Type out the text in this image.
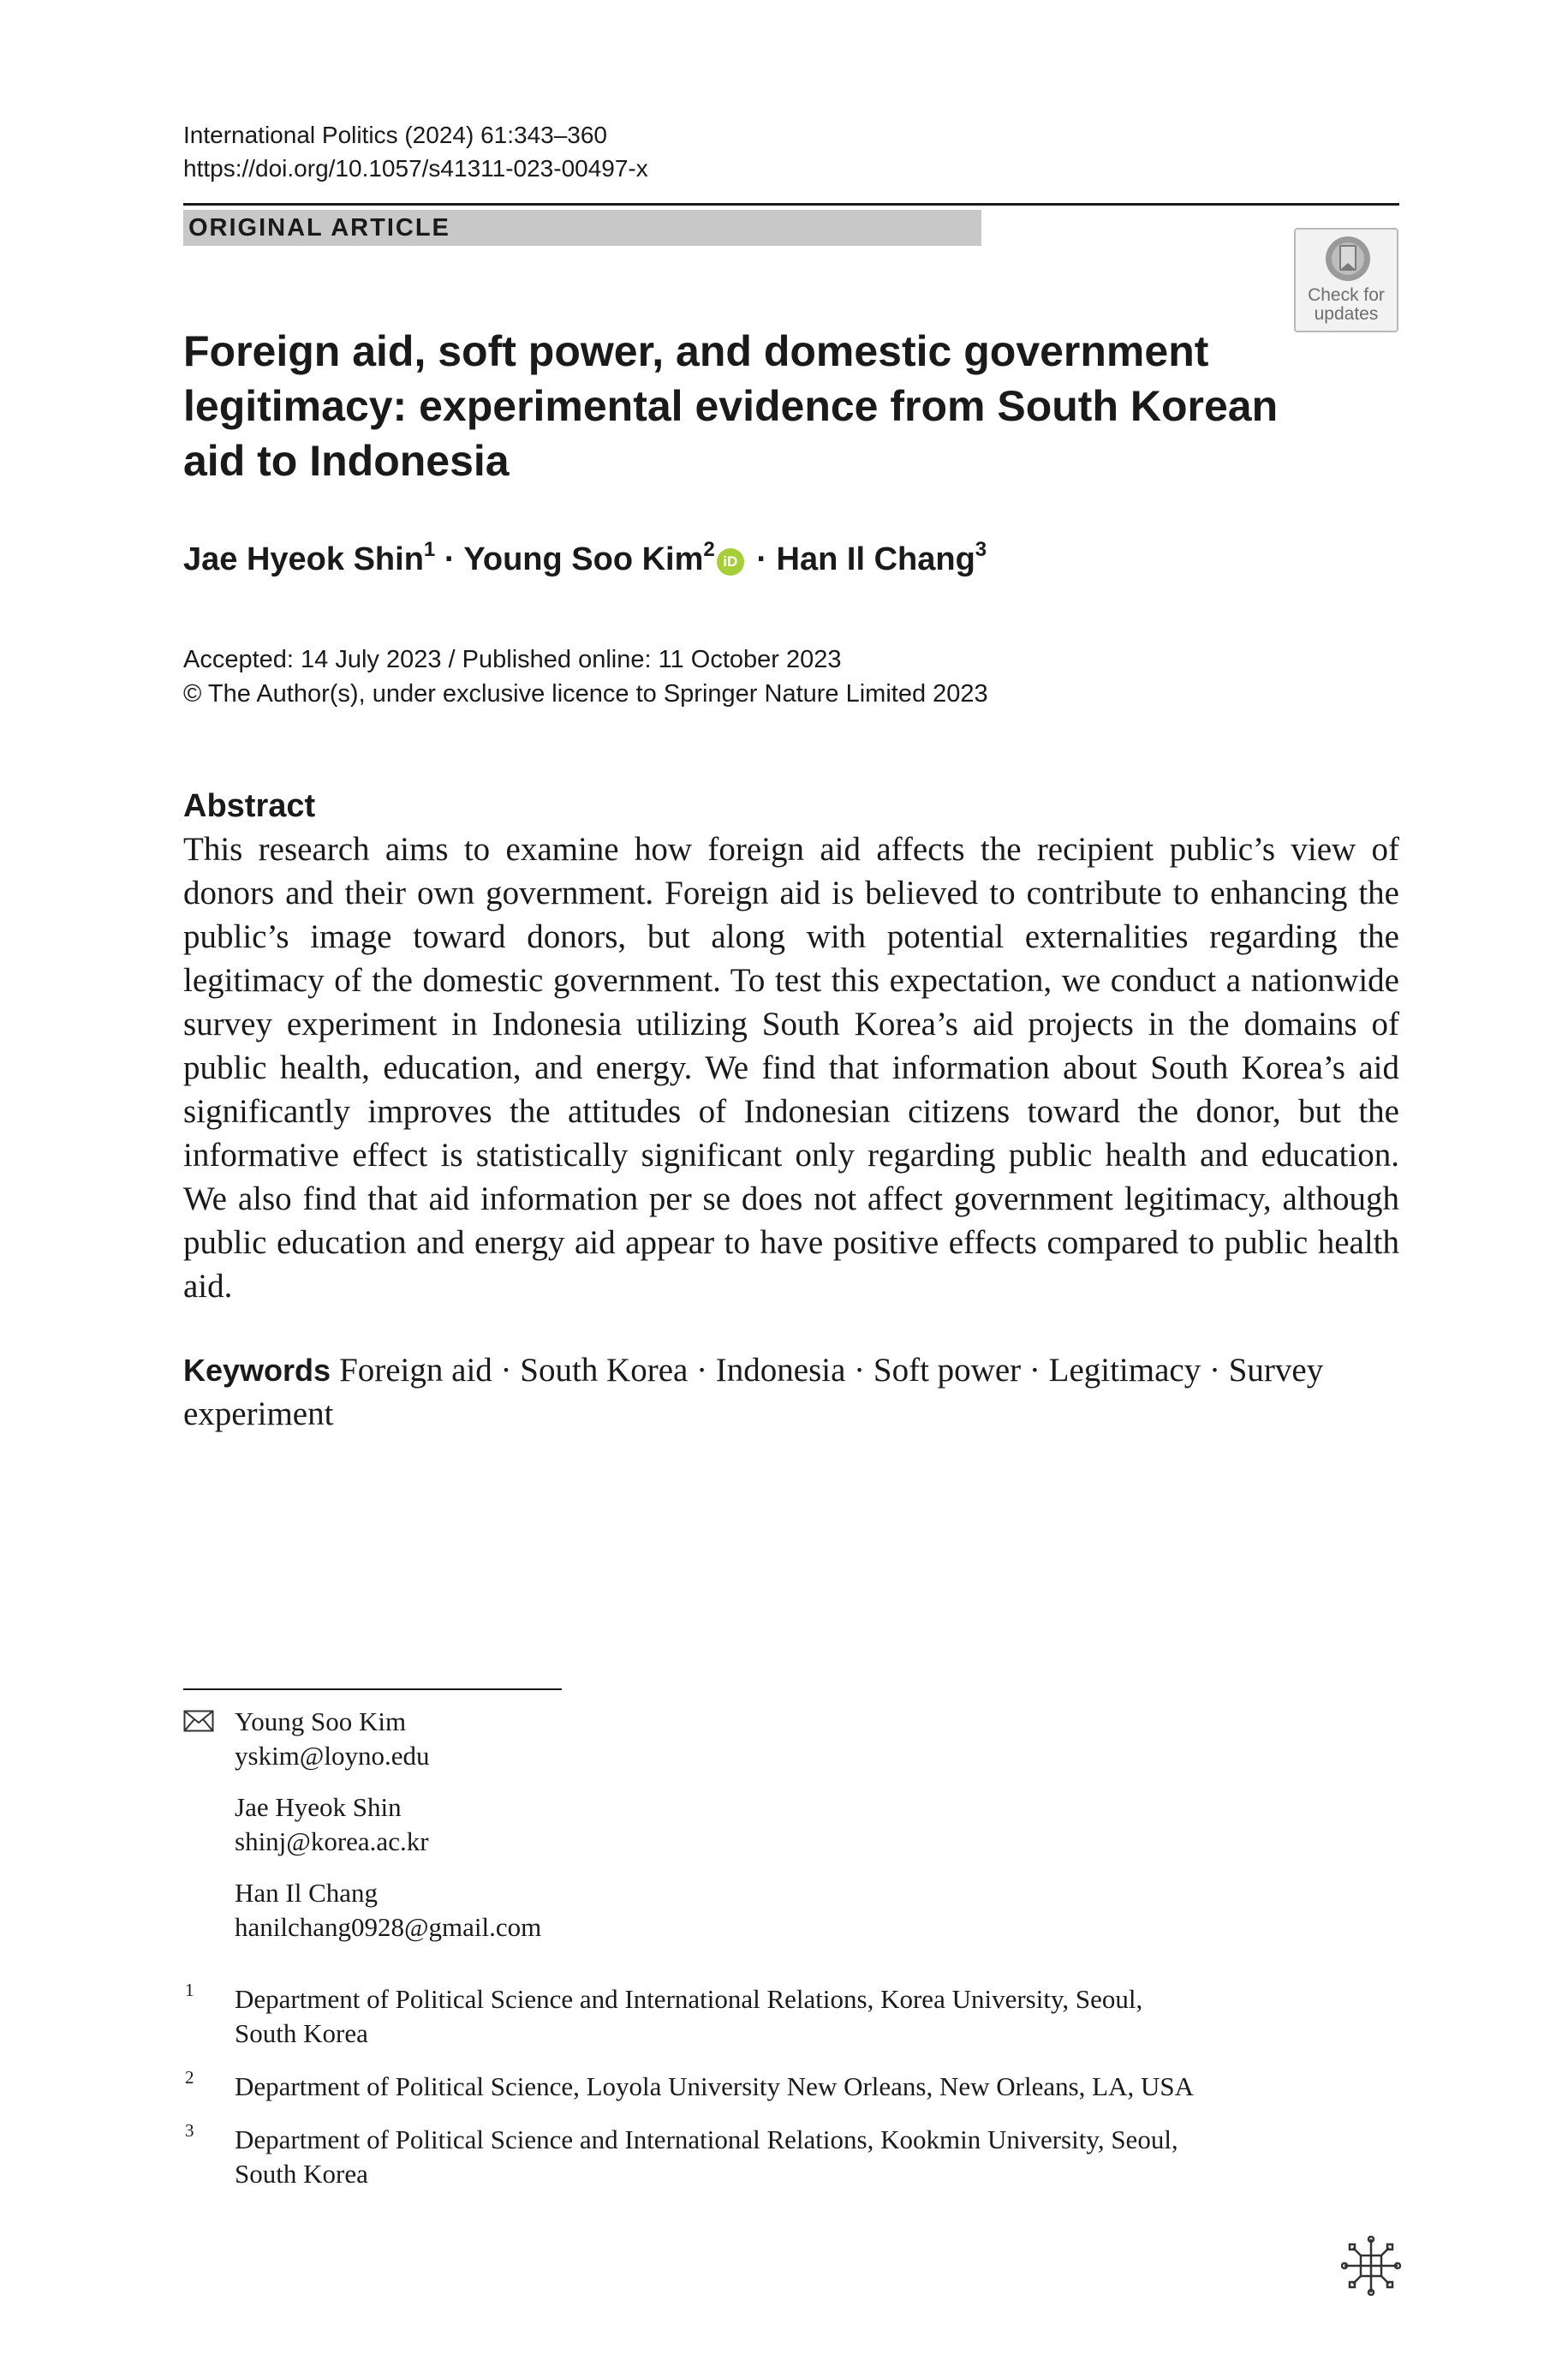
International Politics (2024) 61:343–360
https://doi.org/10.1057/s41311-023-00497-x
ORIGINAL ARTICLE
Check for updates
Foreign aid, soft power, and domestic government legitimacy: experimental evidence from South Korean aid to Indonesia
Jae Hyeok Shin$^1$ · Young Soo Kim$^2$iD · Han Il Chang$^3$
Accepted: 14 July 2023 / Published online: 11 October 2023
© The Author(s), under exclusive licence to Springer Nature Limited 2023
Abstract

This research aims to examine how foreign aid affects the recipient public’s view of donors and their own government. Foreign aid is believed to contribute to enhancing the public’s image toward donors, but along with potential externalities regarding the legitimacy of the domestic government. To test this expectation, we conduct a nationwide survey experiment in Indonesia utilizing South Korea’s aid projects in the domains of public health, education, and energy. We find that information about South Korea’s aid significantly improves the attitudes of Indonesian citizens toward the donor, but the informative effect is statistically significant only regarding public health and education. We also find that aid information per se does not affect government legitimacy, although public education and energy aid appear to have positive effects compared to public health aid.

Keywords Foreign aid · South Korea · Indonesia · Soft power · Legitimacy · Survey experiment
Young Soo Kim
yskim@loyno.edu
Jae Hyeok Shin
shinj@korea.ac.kr
Han Il Chang
hanilchang0928@gmail.com
1 Department of Political Science and International Relations, Korea University, Seoul,
South Korea
2 Department of Political Science, Loyola University New Orleans, New Orleans, LA, USA
3 Department of Political Science and International Relations, Kookmin University, Seoul,
South Korea
